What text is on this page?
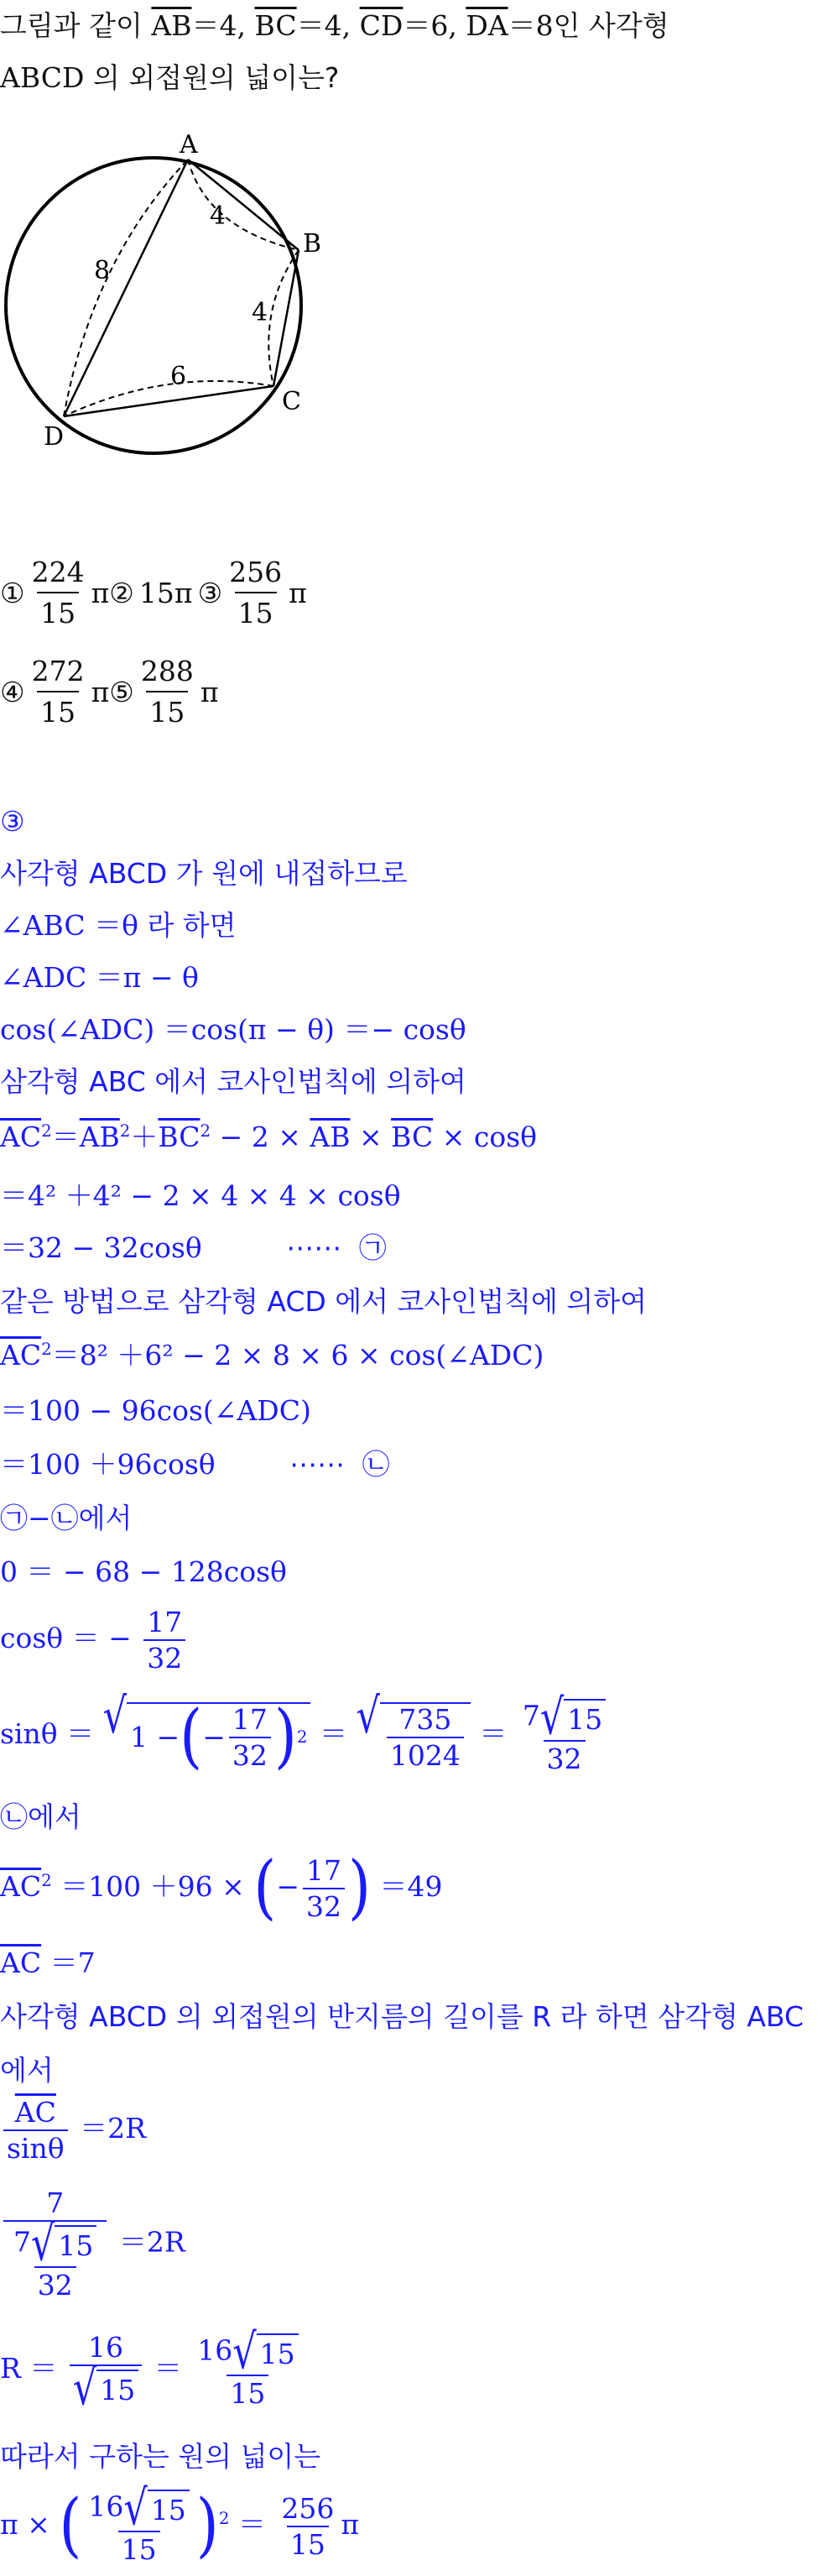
그림과 같이 $\overline{AB}=4$, $\overline{BC}=4$, $\overline{CD}=6$, $\overline{DA}=8$인 사각형
ABCD 의 외접원의 넓이는?
A
B
C
D
4
4
6
8
① $\frac{224}{15}$ π ② 15π ③ $\frac{256}{15}$ π
④ $\frac{272}{15}$ π ⑤ $\frac{288}{15}$ π
③
사각형 ABCD 가 원에 내접하므로
∠ABC ＝θ 라 하면
∠ADC ＝π − θ
cos(∠ADC) ＝cos(π − θ) ＝− cosθ
삼각형 ABC 에서 코사인법칙에 의하여
$\overline{AC}^2=\overline{AB}^2+\overline{BC}^2 - 2 \times \overline{AB} \times \overline{BC} \times \cos\theta$
＝4² ＋4² − 2 × 4 × 4 × cosθ
＝32 − 32cosθ	⋯⋯ ㉠
같은 방법으로 삼각형 ACD 에서 코사인법칙에 의하여
$\overline{AC}^2=8^2 +6^2 - 2 \times 8 \times 6$ × cos(∠ADC)
＝100 − 96cos(∠ADC)
＝100 ＋96cosθ	⋯⋯ ㉡
㉠−㉡에서
0 ＝ − 68 − 128cosθ
cosθ ＝ − $\frac{17}{32}$
sinθ ＝ √ 1 − ( − $\frac{17}{32}$ ) 2 ＝ √ $\frac{735}{1024} = \frac{7 √ 15}{32}$
㉡에서
$\overline{AC}^2 =100 +96$ × (− $\frac{17}{32}$ ) ＝49
$\overline{AC} =7$
사각형 ABCD 의 외접원의 반지름의 길이를 R 라 하면 삼각형 ABC
에서
$\frac{\overline{AC}}{\sin\theta} =2R$
$\frac{7}{\frac{7 √ 15}{32}} =2R$
$R = \frac{16}{√ 15} = \frac{16 √ 15}{15}$
따라서 구하는 원의 넓이는
π × ( $\frac{16 √ 15}{15} )^2 = \frac{256}{15}$ π
